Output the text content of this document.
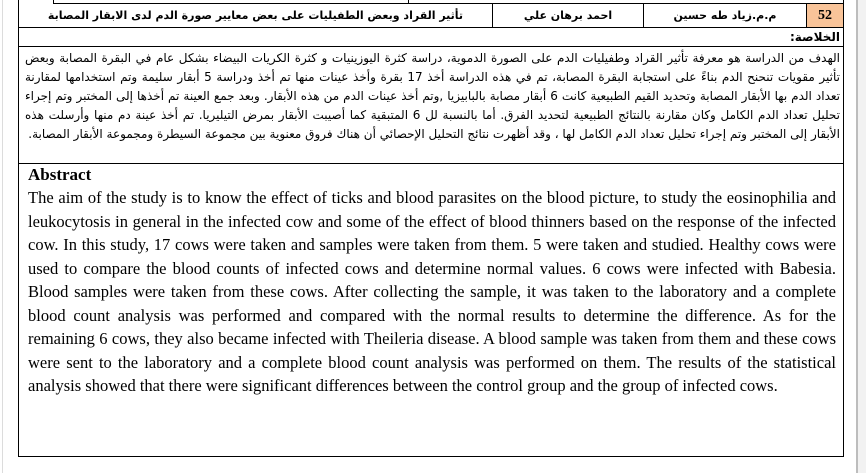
52
م.م.زياد طه حسين
احمد برهان علي
تأثير القراد وبعض الطفيليات على بعض معايير صورة الدم لدى الابقار المصابة
الخلاصة:
الهدف من الدراسة هو معرفة تأثير القراد وطفيليات الدم على الصورة الدموية، دراسة كثرة اليوزينيات و كثرة الكريات البيضاء بشكل عام في البقرة المصابة وبعض تأثير مقويات تنحنح الدم بناءً على استجابة البقرة المصابة، تم في هذه الدراسة أخذ 17 بقرة وأخذ عينات منها تم أخذ ودراسة 5 أبقار سليمة وتم استخدامها لمقارنة تعداد الدم بها الأبقار المصابة وتحديد القيم الطبيعية كانت 6 أبقار مصابة بالبابيزيا ,وتم أخذ عينات الدم من هذه الأبقار. وبعد جمع العينة تم أخذها إلى المختبر وتم إجراء تحليل تعداد الدم الكامل وكان مقارنة بالنتائج الطبيعية لتحديد الفرق. أما بالنسبة لل 6 المتبقية كما أصيبت الأبقار بمرض التيليريا. تم أخذ عينة دم منها وأرسلت هذه الأبقار إلى المختبر وتم إجراء تحليل تعداد الدم الكامل لها ، وقد أظهرت نتائج التحليل الإحصائي أن هناك فروق معنوية بين مجموعة السيطرة ومجموعة الأبقار المصابة.
Abstract
The aim of the study is to know the effect of ticks and blood parasites on the blood picture, to study the eosinophilia and leukocytosis in general in the infected cow and some of the effect of blood thinners based on the response of the infected cow. In this study, 17 cows were taken and samples were taken from them. 5 were taken and studied. Healthy cows were used to compare the blood counts of infected cows and determine normal values. 6 cows were infected with Babesia. Blood samples were taken from these cows. After collecting the sample, it was taken to the laboratory and a complete blood count analysis was performed and compared with the normal results to determine the difference. As for the remaining 6 cows, they also became infected with Theileria disease. A blood sample was taken from them and these cows were sent to the laboratory and a complete blood count analysis was performed on them. The results of the statistical analysis showed that there were significant differences between the control group and the group of infected cows.
